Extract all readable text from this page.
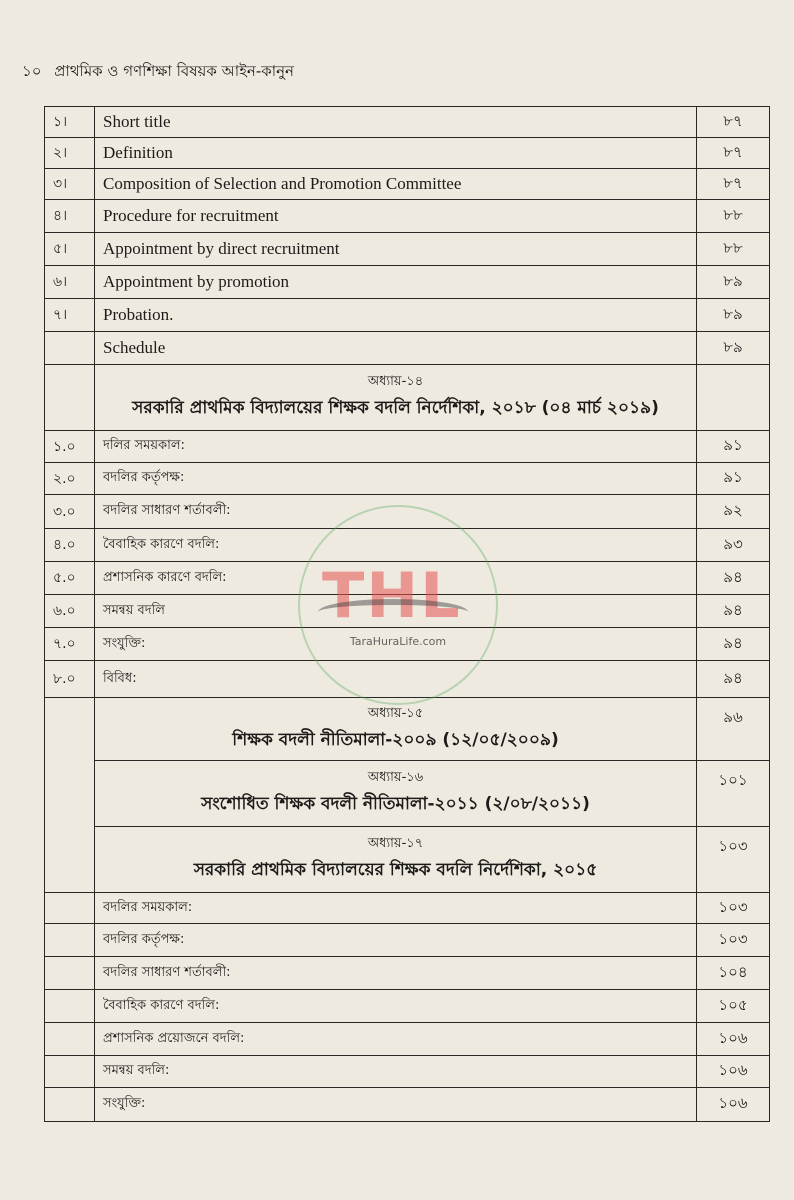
১০ প্রাথমিক ও গণশিক্ষা বিষয়ক আইন-কানুন
১।	Short title	৮৭
২।	Definition	৮৭
৩।	Composition of Selection and Promotion Committee	৮৭
৪।	Procedure for recruitment	৮৮
৫।	Appointment by direct recruitment	৮৮
৬।	Appointment by promotion	৮৯
৭।	Probation.	৮৯
	Schedule	৮৯

	অধ্যায়-১৪
সরকারি প্রাথমিক বিদ্যালয়ের শিক্ষক বদলি নির্দেশিকা, ২০১৮ (০৪ মার্চ ২০১৯)	

১.০	দলির সময়কাল:	৯১
২.০	বদলির কর্তৃপক্ষ:	৯১
৩.০	বদলির সাধারণ শর্তাবলী:	৯২
৪.০	বৈবাহিক কারণে বদলি:	৯৩
৫.০	প্রশাসনিক কারণে বদলি:	৯৪
৬.০	সমন্বয় বদলি	৯৪
৭.০	সংযুক্তি:	৯৪
৮.০	বিবিধ:	৯৪

	অধ্যায়-১৫
শিক্ষক বদলী নীতিমালা-২০০৯ (১২/০৫/২০০৯)	৯৬

	অধ্যায়-১৬
সংশোধিত শিক্ষক বদলী নীতিমালা-২০১১ (২/০৮/২০১১)	১০১

	অধ্যায়-১৭
সরকারি প্রাথমিক বিদ্যালয়ের শিক্ষক বদলি নির্দেশিকা, ২০১৫	১০৩
	বদলির সময়কাল:	১০৩
	বদলির কর্তৃপক্ষ:	১০৩
	বদলির সাধারণ শর্তাবলী:	১০৪
	বৈবাহিক কারণে বদলি:	১০৫
	প্রশাসনিক প্রয়োজনে বদলি:	১০৬
	সমন্বয় বদলি:	১০৬
	সংযুক্তি:	১০৬
THL
TaraHuraLife.com
